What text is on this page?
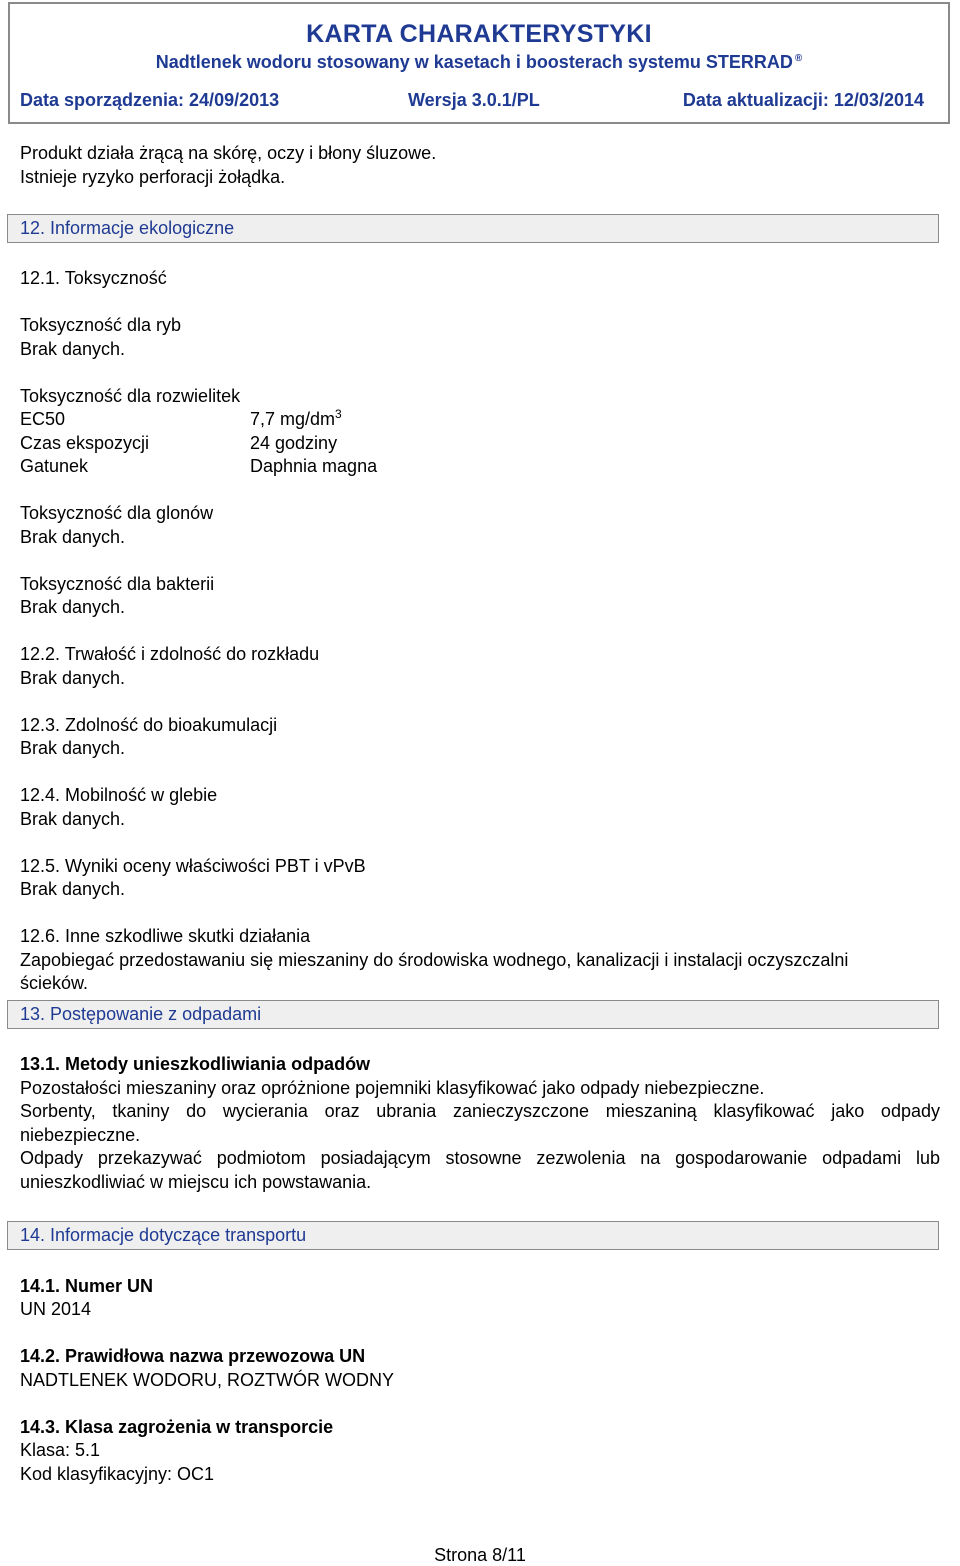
KARTA CHARAKTERYSTYKI
Nadtlenek wodoru stosowany w kasetach i boosterach systemu STERRAD ®
Data sporządzenia: 24/09/2013	Wersja 3.0.1/PL	Data aktualizacji: 12/03/2014
Produkt działa żrącą na skórę, oczy i błony śluzowe.
Istnieje ryzyko perforacji żołądka.
12. Informacje ekologiczne
12.1. Toksyczność
Toksyczność dla ryb
Brak danych.
Toksyczność dla rozwielitek
EC50	7,7 $mg/dm^3$
Czas ekspozycji	24 godziny
Gatunek	Daphnia magna
Toksyczność dla glonów
Brak danych.
Toksyczność dla bakterii
Brak danych.
12.2. Trwałość i zdolność do rozkładu
Brak danych.
12.3. Zdolność do bioakumulacji
Brak danych.
12.4. Mobilność w glebie
Brak danych.
12.5. Wyniki oceny właściwości PBT i vPvB
Brak danych.
12.6. Inne szkodliwe skutki działania
Zapobiegać przedostawaniu się mieszaniny do środowiska wodnego, kanalizacji i instalacji oczyszczalni ścieków.
13. Postępowanie z odpadami
13.1. Metody unieszkodliwiania odpadów
Pozostałości mieszaniny oraz opróżnione pojemniki klasyfikować jako odpady niebezpieczne.
Sorbenty, tkaniny do wycierania oraz ubrania zanieczyszczone mieszaniną klasyfikować jako odpady niebezpieczne.
Odpady przekazywać podmiotom posiadającym stosowne zezwolenia na gospodarowanie odpadami lub unieszkodliwiać w miejscu ich powstawania.
14. Informacje dotyczące transportu
14.1. Numer UN
UN 2014
14.2. Prawidłowa nazwa przewozowa UN
NADTLENEK WODORU, ROZTWÓR WODNY
14.3. Klasa zagrożenia w transporcie
Klasa: 5.1
Kod klasyfikacyjny: OC1
Strona 8/11
